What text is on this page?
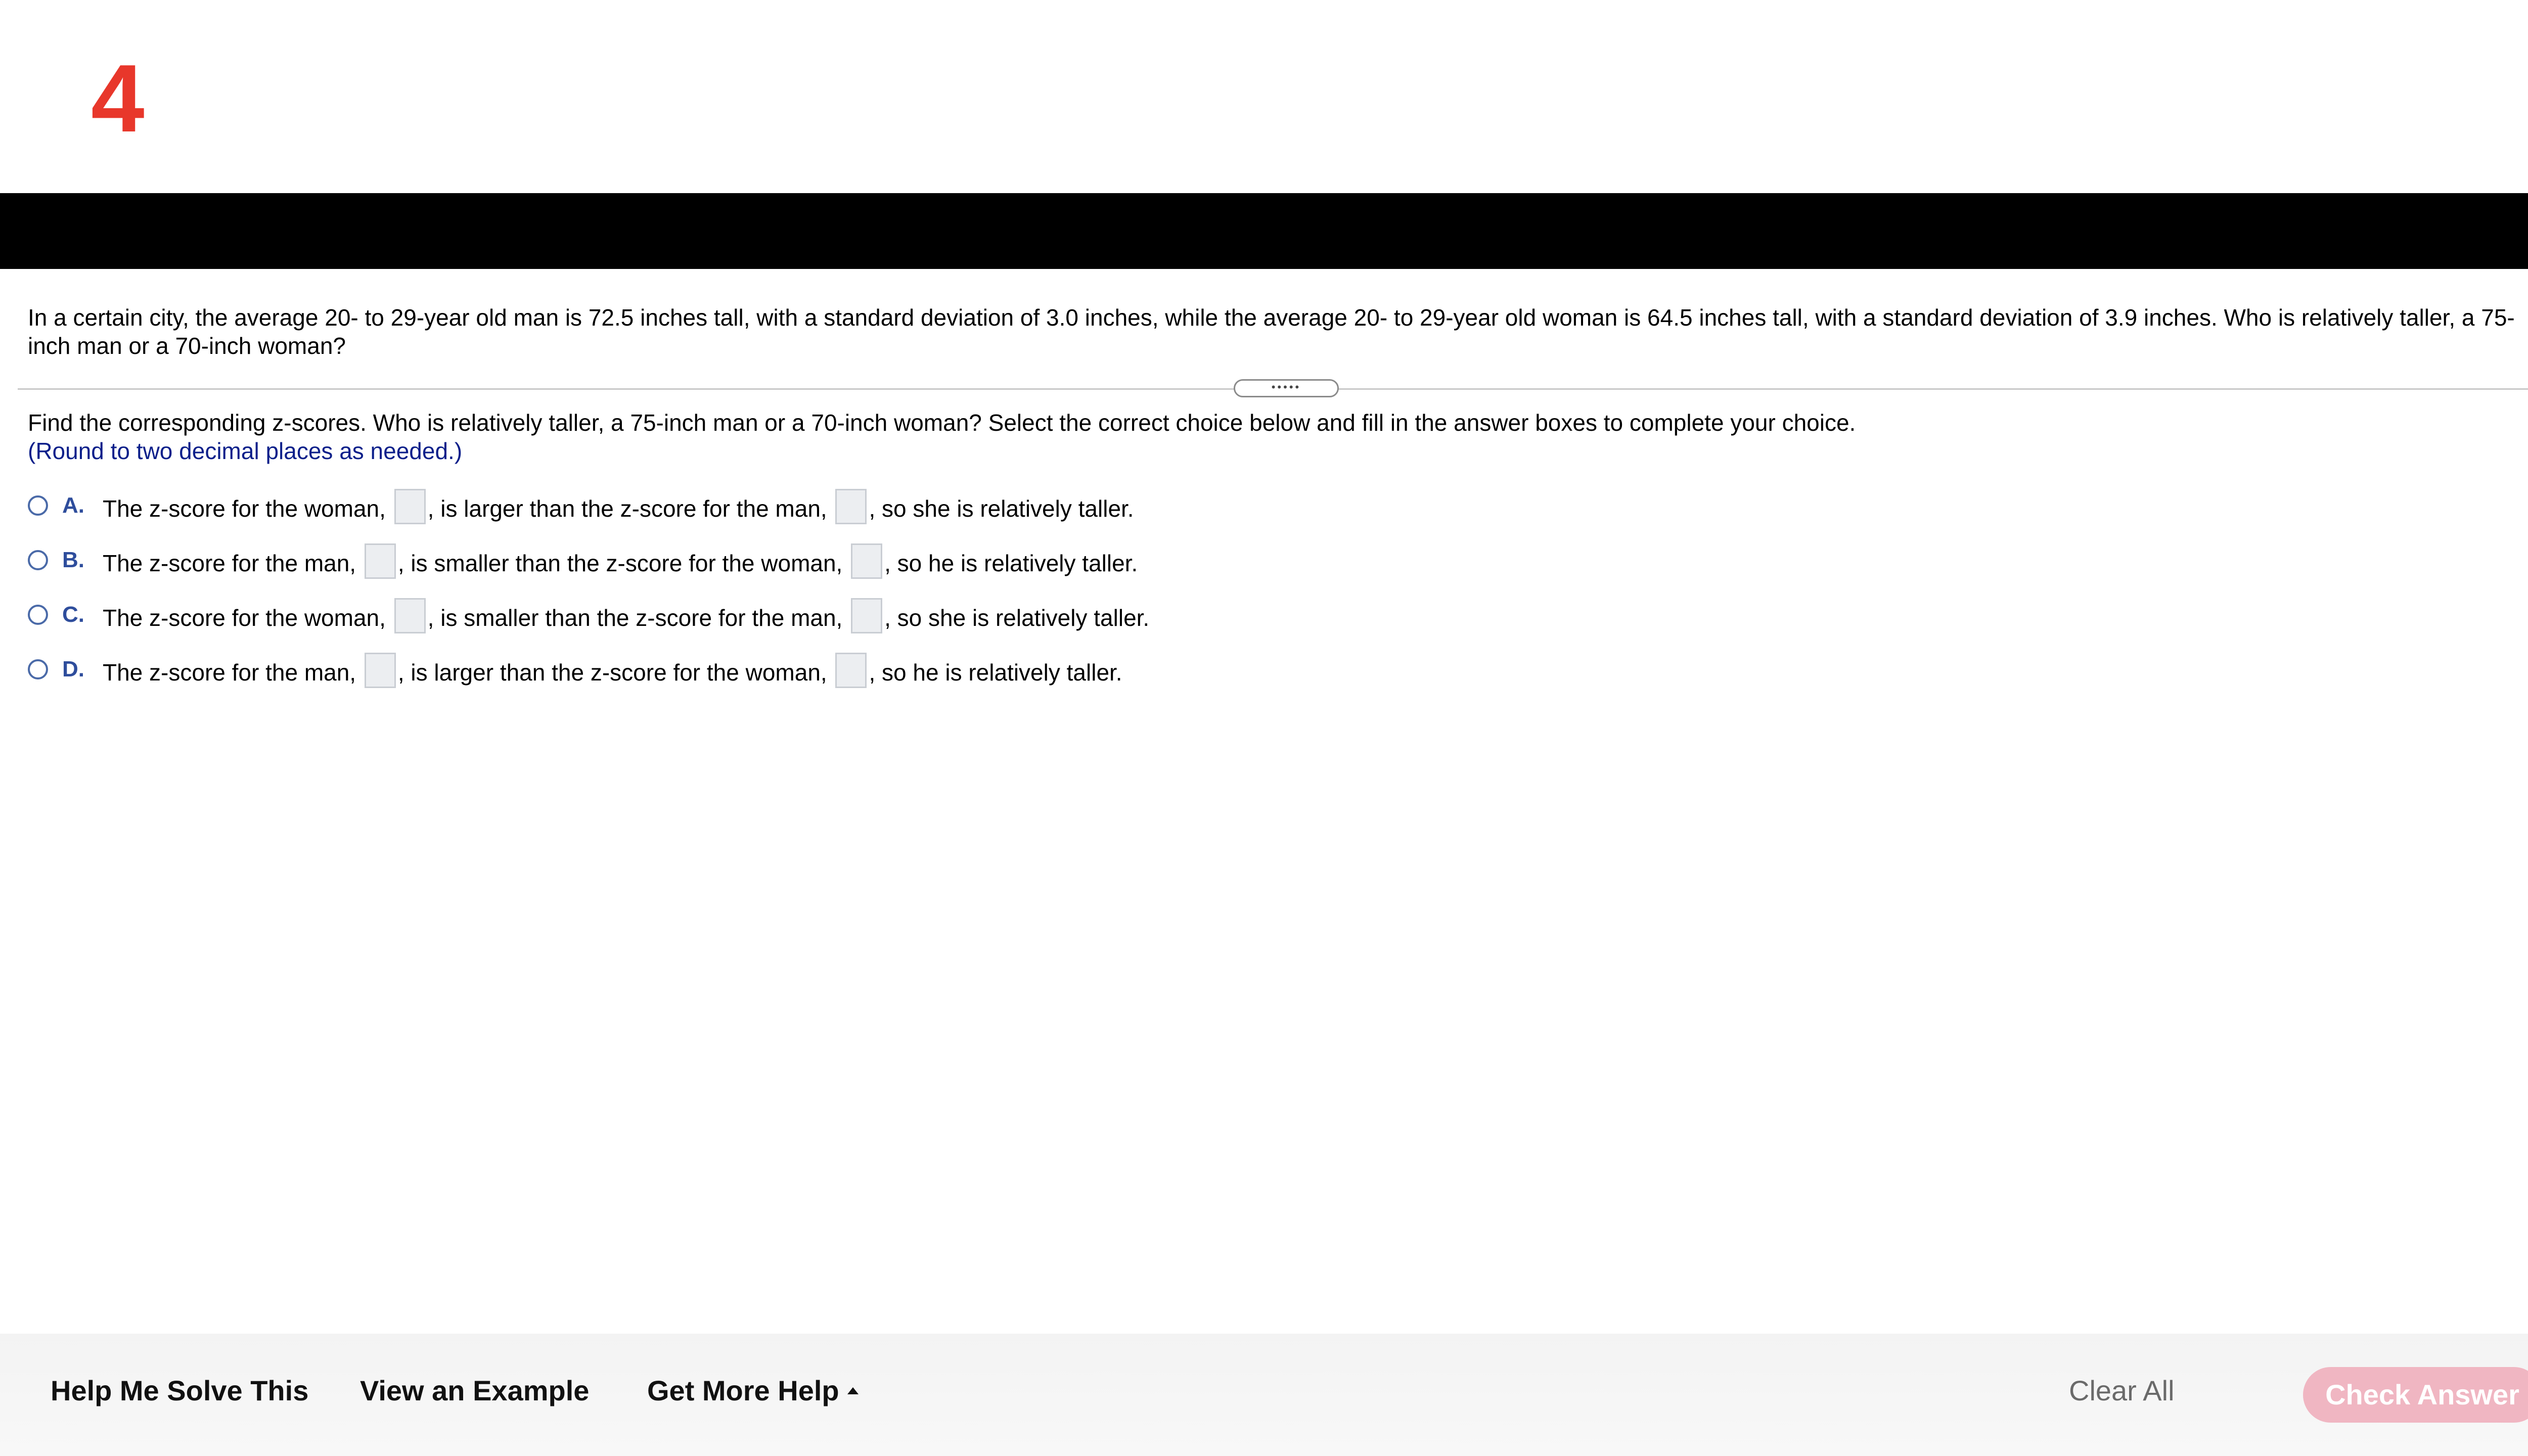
4

In a certain city, the average 20- to 29-year old man is 72.5 inches tall, with a standard deviation of 3.0 inches, while the average 20- to 29-year old woman is 64.5 inches tall, with a standard deviation of 3.9 inches. Who is relatively taller, a 75-inch man or a 70-inch woman?

•••••
Find the corresponding z-scores. Who is relatively taller, a 75-inch man or a 70-inch woman? Select the correct choice below and fill in the answer boxes to complete your choice.
(Round to two decimal places as needed.)
A. The z-score for the woman, , is larger than the z-score for the man, , so she is relatively taller.
B. The z-score for the man, , is smaller than the z-score for the woman, , so he is relatively taller.
C. The z-score for the woman, , is smaller than the z-score for the man, , so she is relatively taller.
D. The z-score for the man, , is larger than the z-score for the woman, , so he is relatively taller.
Help Me Solve This View an Example Get More Help	Clear All	Check Answer
